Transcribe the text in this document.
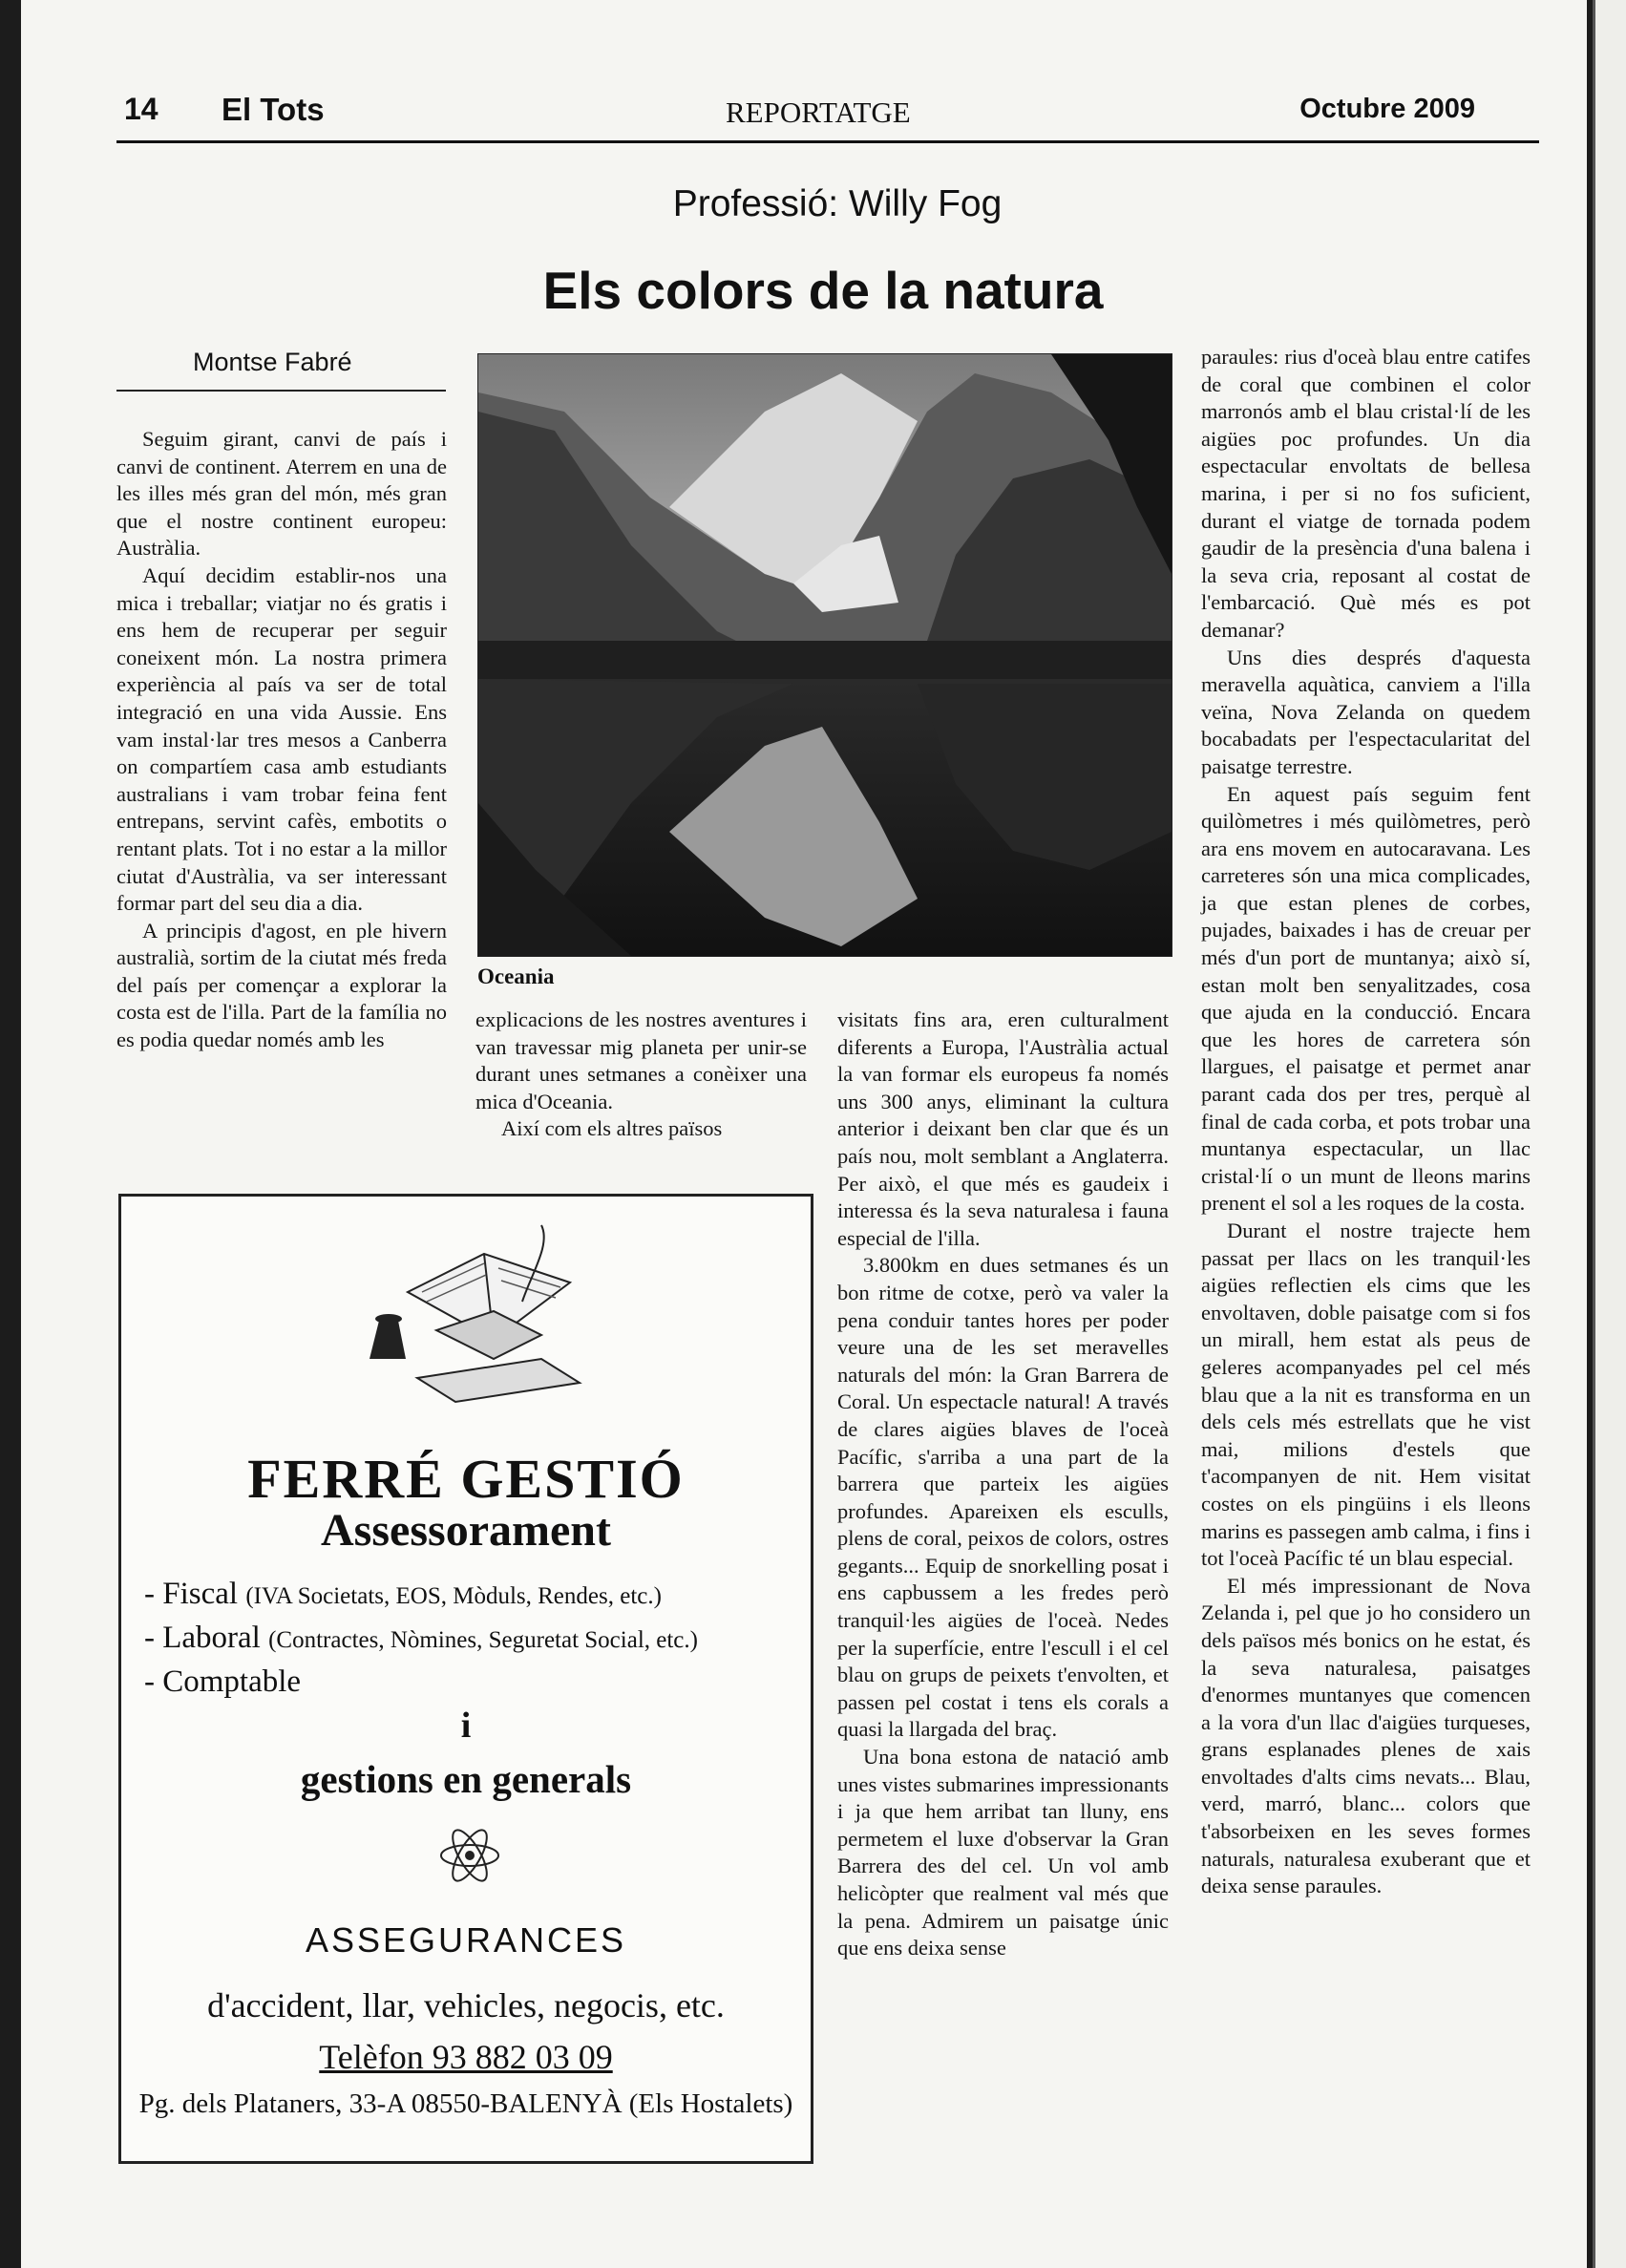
14 El Tots	REPORTATGE	Octubre 2009
Professió: Willy Fog
Els colors de la natura
Montse Fabré

Seguim girant, canvi de país i canvi de continent. Aterrem en una de les illes més gran del món, més gran que el nostre continent europeu: Austràlia.

Aquí decidim establir-nos una mica i treballar; viatjar no és gratis i ens hem de recuperar per seguir coneixent món. La nostra primera experiència al país va ser de total integració en una vida Aussie. Ens vam instal·lar tres mesos a Canberra on compartíem casa amb estudiants australians i vam trobar feina fent entrepans, servint cafès, embotits o rentant plats. Tot i no estar a la millor ciutat d'Austràlia, va ser interessant formar part del seu dia a dia.

A principis d'agost, en ple hivern australià, sortim de la ciutat més freda del país per començar a explorar la costa est de l'illa. Part de la família no es podia quedar només amb les

Oceania

explicacions de les nostres aventures i van travessar mig planeta per unir-se durant unes setmanes a conèixer una mica d'Oceania.

Així com els altres països

visitats fins ara, eren culturalment diferents a Europa, l'Austràlia actual la van formar els europeus fa només uns 300 anys, eliminant la cultura anterior i deixant ben clar que és un país nou, molt semblant a Anglaterra. Per això, el que més es gaudeix i interessa és la seva naturalesa i fauna especial de l'illa.

3.800km en dues setmanes és un bon ritme de cotxe, però va valer la pena conduir tantes hores per poder veure una de les set meravelles naturals del món: la Gran Barrera de Coral. Un espectacle natural! A través de clares aigües blaves de l'oceà Pacífic, s'arriba a una part de la barrera que parteix les aigües profundes. Apareixen els esculls, plens de coral, peixos de colors, ostres gegants... Equip de snorkelling posat i ens capbussem a les fredes però tranquil·les aigües de l'oceà. Nedes per la superfície, entre l'escull i el cel blau on grups de peixets t'envolten, et passen pel costat i tens els corals a quasi la llargada del braç.

Una bona estona de natació amb unes vistes submarines impressionants i ja que hem arribat tan lluny, ens permetem el luxe d'observar la Gran Barrera des del cel. Un vol amb helicòpter que realment val més que la pena. Admirem un paisatge únic que ens deixa sense

paraules: rius d'oceà blau entre catifes de coral que combinen el color marronós amb el blau cristal·lí de les aigües poc profundes. Un dia espectacular envoltats de bellesa marina, i per si no fos suficient, durant el viatge de tornada podem gaudir de la presència d'una balena i la seva cria, reposant al costat de l'embarcació. Què més es pot demanar?

Uns dies després d'aquesta meravella aquàtica, canviem a l'illa veïna, Nova Zelanda on quedem bocabadats per l'espectacularitat del paisatge terrestre.

En aquest país seguim fent quilòmetres i més quilòmetres, però ara ens movem en autocaravana. Les carreteres són una mica complicades, ja que estan plenes de corbes, pujades, baixades i has de creuar per més d'un port de muntanya; això sí, estan molt ben senyalitzades, cosa que ajuda en la conducció. Encara que les hores de carretera són llargues, el paisatge et permet anar parant cada dos per tres, perquè al final de cada corba, et pots trobar una muntanya espectacular, un llac cristal·lí o un munt de lleons marins prenent el sol a les roques de la costa.

Durant el nostre trajecte hem passat per llacs on les tranquil·les aigües reflectien els cims que les envoltaven, doble paisatge com si fos un mirall, hem estat als peus de geleres acompanyades pel cel més blau que a la nit es transforma en un dels cels més estrellats que he vist mai, milions d'estels que t'acompanyen de nit. Hem visitat costes on els pingüins i els lleons marins es passegen amb calma, i fins i tot l'oceà Pacífic té un blau especial.

El més impressionant de Nova Zelanda i, pel que jo ho considero un dels països més bonics on he estat, és la seva naturalesa, paisatges d'enormes muntanyes que comencen a la vora d'un llac d'aigües turqueses, grans esplanades plenes de xais envoltades d'alts cims nevats... Blau, verd, marró, blanc... colors que t'absorbeixen en les seves formes naturals, naturalesa exuberant que et deixa sense paraules.

FERRÉ GESTIÓ
Assessorament
- Fiscal (IVA Societats, EOS, Mòduls, Rendes, etc.)
- Laboral (Contractes, Nòmines, Seguretat Social, etc.)
- Comptable
i
gestions en generals
ASSEGURANCES
d'accident, llar, vehicles, negocis, etc.
Telèfon 93 882 03 09
Pg. dels Plataners, 33-A 08550-BALENYÀ (Els Hostalets)
